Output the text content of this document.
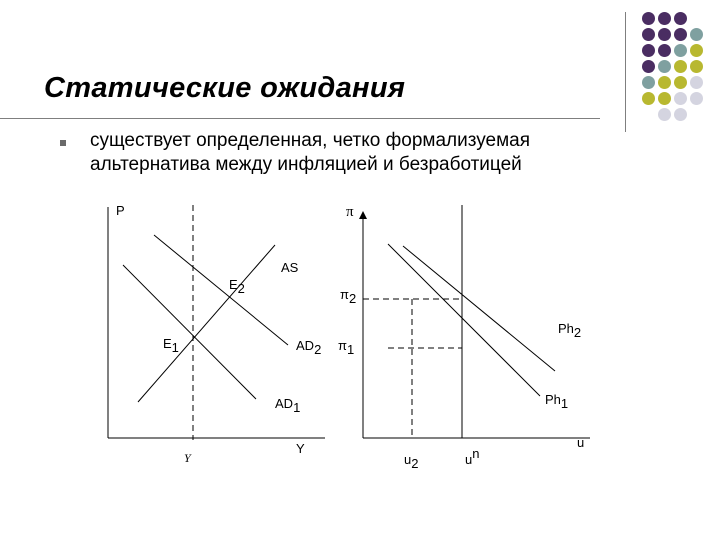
Статические ожидания
существует определенная, четко формализуемая альтернатива между инфляцией и безработицей
P
Y
Y
AS
AD1
AD2
E1
E2
π
u
π2
π1
Ph1
Ph2
u2	un
